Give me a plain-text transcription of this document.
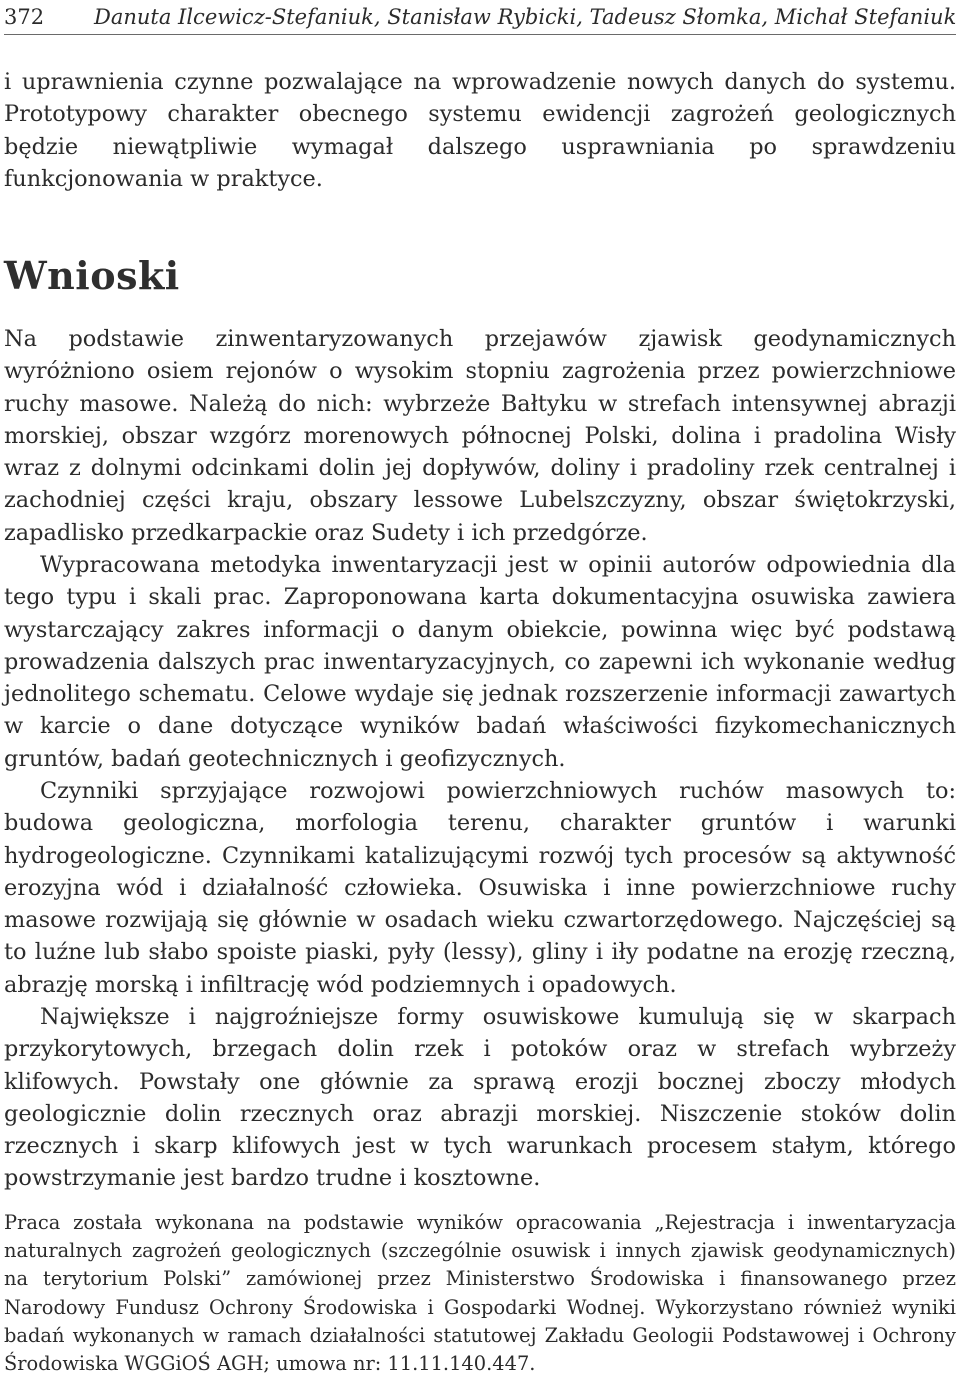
372 Danuta Ilcewicz-Stefaniuk, Stanisław Rybicki, Tadeusz Słomka, Michał Stefaniuk

i uprawnienia czynne pozwalające na wprowadzenie nowych danych do systemu. Prototypowy charakter obecnego systemu ewidencji zagrożeń geologicznych będzie niewątpliwie wymagał dalszego usprawniania po sprawdzeniu funkcjonowania w praktyce.

Wnioski

Na podstawie zinwentaryzowanych przejawów zjawisk geodynamicznych wyróżniono osiem rejonów o wysokim stopniu zagrożenia przez powierzchniowe ruchy masowe. Należą do nich: wybrzeże Bałtyku w strefach intensywnej abrazji morskiej, obszar wzgórz morenowych północnej Polski, dolina i pradolina Wisły wraz z dolnymi odcinkami dolin jej dopływów, doliny i pradoliny rzek centralnej i zachodniej części kraju, obszary lessowe Lubelszczyzny, obszar świętokrzyski, zapadlisko przedkarpackie oraz Sudety i ich przedgórze.

Wypracowana metodyka inwentaryzacji jest w opinii autorów odpowiednia dla tego typu i skali prac. Zaproponowana karta dokumentacyjna osuwiska zawiera wystarczający zakres informacji o danym obiekcie, powinna więc być podstawą prowadzenia dalszych prac inwentaryzacyjnych, co zapewni ich wykonanie według jednolitego schematu. Celowe wydaje się jednak rozszerzenie informacji zawartych w karcie o dane dotyczące wyników badań właściwości fizykomechanicznych gruntów, badań geotechnicznych i geofizycznych.

Czynniki sprzyjające rozwojowi powierzchniowych ruchów masowych to: budowa geologiczna, morfologia terenu, charakter gruntów i warunki hydrogeologiczne. Czynnikami katalizującymi rozwój tych procesów są aktywność erozyjna wód i działalność człowieka. Osuwiska i inne powierzchniowe ruchy masowe rozwijają się głównie w osadach wieku czwartorzędowego. Najczęściej są to luźne lub słabo spoiste piaski, pyły (lessy), gliny i iły podatne na erozję rzeczną, abrazję morską i infiltrację wód podziemnych i opadowych.

Największe i najgroźniejsze formy osuwiskowe kumulują się w skarpach przykorytowych, brzegach dolin rzek i potoków oraz w strefach wybrzeży klifowych. Powstały one głównie za sprawą erozji bocznej zboczy młodych geologicznie dolin rzecznych oraz abrazji morskiej. Niszczenie stoków dolin rzecznych i skarp klifowych jest w tych warunkach procesem stałym, którego powstrzymanie jest bardzo trudne i kosztowne.

Praca została wykonana na podstawie wyników opracowania „Rejestracja i inwentaryzacja naturalnych zagrożeń geologicznych (szczególnie osuwisk i innych zjawisk geodynamicznych) na terytorium Polski” zamówionej przez Ministerstwo Środowiska i finansowanego przez Narodowy Fundusz Ochrony Środowiska i Gospodarki Wodnej. Wykorzystano również wyniki badań wykonanych w ramach działalności statutowej Zakładu Geologii Podstawowej i Ochrony Środowiska WGGiOŚ AGH; umowa nr: 11.11.140.447.
